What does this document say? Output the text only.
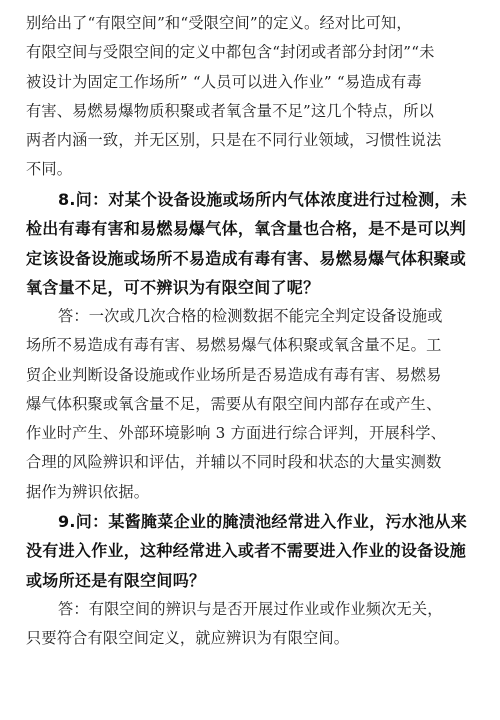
别给出了“有限空间”和“受限空间”的定义。经对比可知，
有限空间与受限空间的定义中都包含“封闭或者部分封闭”“未
被设计为固定工作场所” “人员可以进入作业” “易造成有毒
有害、易燃易爆物质积聚或者氧含量不足”这几个特点，所以
两者内涵一致，并无区别，只是在不同行业领域，习惯性说法
不同。
8.问：对某个设备设施或场所内气体浓度进行过检测，未
检出有毒有害和易燃易爆气体，氧含量也合格，是不是可以判
定该设备设施或场所不易造成有毒有害、易燃易爆气体积聚或
氧含量不足，可不辨识为有限空间了呢？
答：一次或几次合格的检测数据不能完全判定设备设施或
场所不易造成有毒有害、易燃易爆气体积聚或氧含量不足。工
贸企业判断设备设施或作业场所是否易造成有毒有害、易燃易
爆气体积聚或氧含量不足，需要从有限空间内部存在或产生、
作业时产生、外部环境影响 3 方面进行综合评判，开展科学、
合理的风险辨识和评估，并辅以不同时段和状态的大量实测数
据作为辨识依据。
9.问：某酱腌菜企业的腌渍池经常进入作业，污水池从来
没有进入作业，这种经常进入或者不需要进入作业的设备设施
或场所还是有限空间吗？
答：有限空间的辨识与是否开展过作业或作业频次无关，
只要符合有限空间定义，就应辨识为有限空间。
